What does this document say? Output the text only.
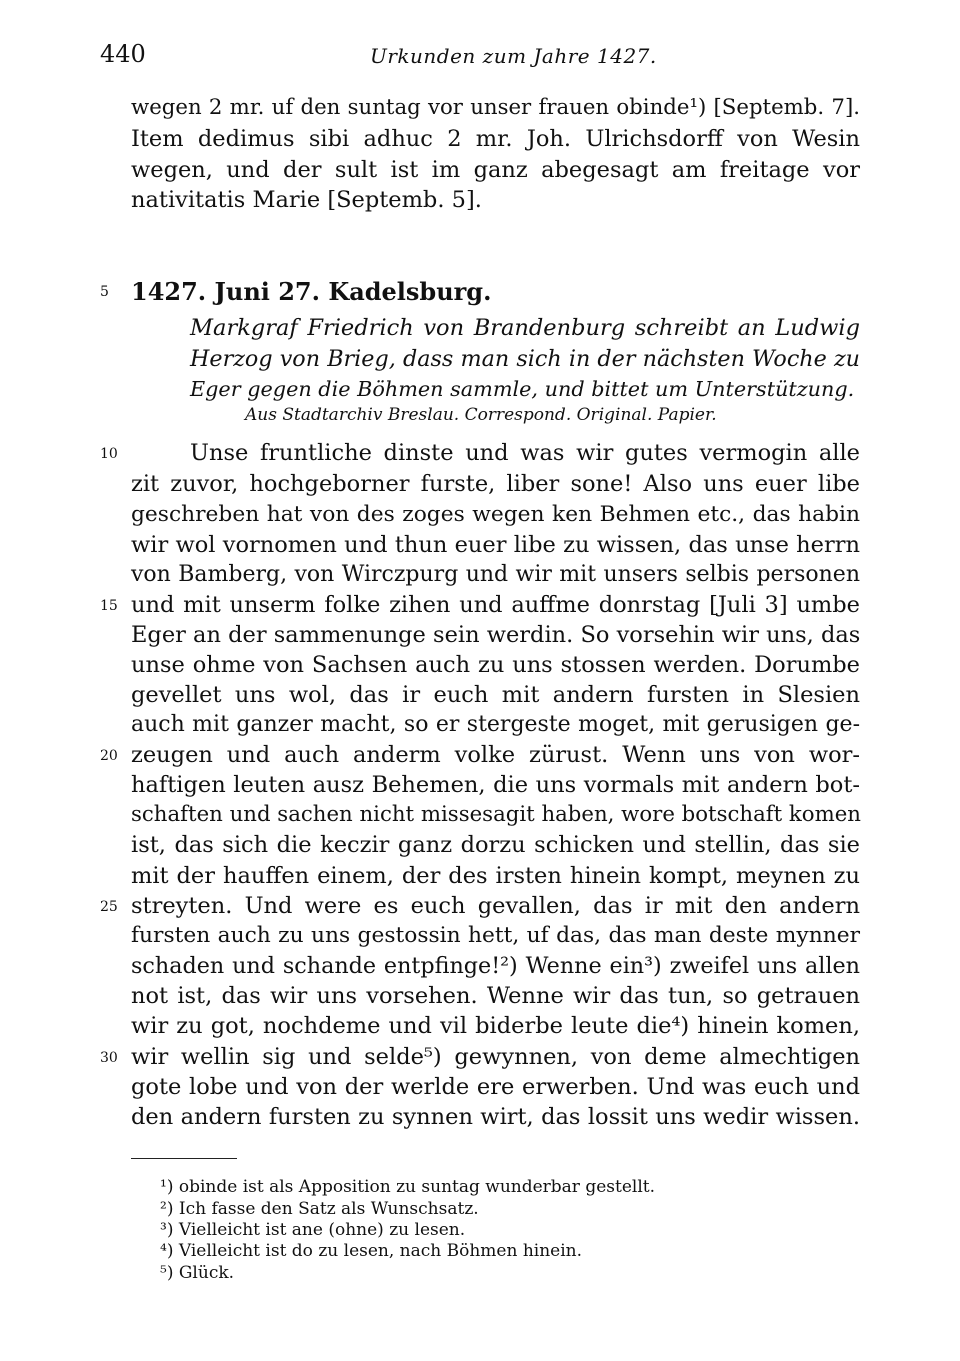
440	Urkunden zum Jahre 1427.
wegen 2 mr. uf den suntag vor unser frauen obinde¹) [Septemb. 7].
Item dedimus sibi adhuc 2 mr. Joh. Ulrichsdorff von Wesin
wegen, und der sult ist im ganz abegesagt am freitage vor
nativitatis Marie [Septemb. 5].
5
10
15
20
25
30
1427. Juni 27. Kadelsburg.
Markgraf Friedrich von Brandenburg schreibt an Ludwig
Herzog von Brieg, dass man sich in der nächsten Woche zu
Eger gegen die Böhmen sammle, und bittet um Unterstützung.
Aus Stadtarchiv Breslau. Correspond. Original. Papier.
Unse fruntliche dinste und was wir gutes vermogin alle
zit zuvor, hochgeborner furste, liber sone! Also uns euer libe
geschreben hat von des zoges wegen ken Behmen etc., das habin
wir wol vornomen und thun euer libe zu wissen, das unse herrn
von Bamberg, von Wirczpurg und wir mit unsers selbis personen
und mit unserm folke zihen und auffme donrstag [Juli 3] umbe
Eger an der sammenunge sein werdin. So vorsehin wir uns, das
unse ohme von Sachsen auch zu uns stossen werden. Dorumbe
gevellet uns wol, das ir euch mit andern fursten in Slesien
auch mit ganzer macht, so er stergeste moget, mit gerusigen ge-
zeugen und auch anderm volke zürust. Wenn uns von wor-
haftigen leuten ausz Behemen, die uns vormals mit andern bot-
schaften und sachen nicht missesagit haben, wore botschaft komen
ist, das sich die keczir ganz dorzu schicken und stellin, das sie
mit der hauffen einem, der des irsten hinein kompt, meynen zu
streyten. Und were es euch gevallen, das ir mit den andern
fursten auch zu uns gestossin hett, uf das, das man deste mynner
schaden und schande entpfinge!²) Wenne ein³) zweifel uns allen
not ist, das wir uns vorsehen. Wenne wir das tun, so getrauen
wir zu got, nochdeme und vil biderbe leute die⁴) hinein komen,
wir wellin sig und selde⁵) gewynnen, von deme almechtigen
gote lobe und von der werlde ere erwerben. Und was euch und
den andern fursten zu synnen wirt, das lossit uns wedir wissen.
¹) obinde ist als Apposition zu suntag wunderbar gestellt.
²) Ich fasse den Satz als Wunschsatz.
³) Vielleicht ist ane (ohne) zu lesen.
⁴) Vielleicht ist do zu lesen, nach Böhmen hinein.
⁵) Glück.
